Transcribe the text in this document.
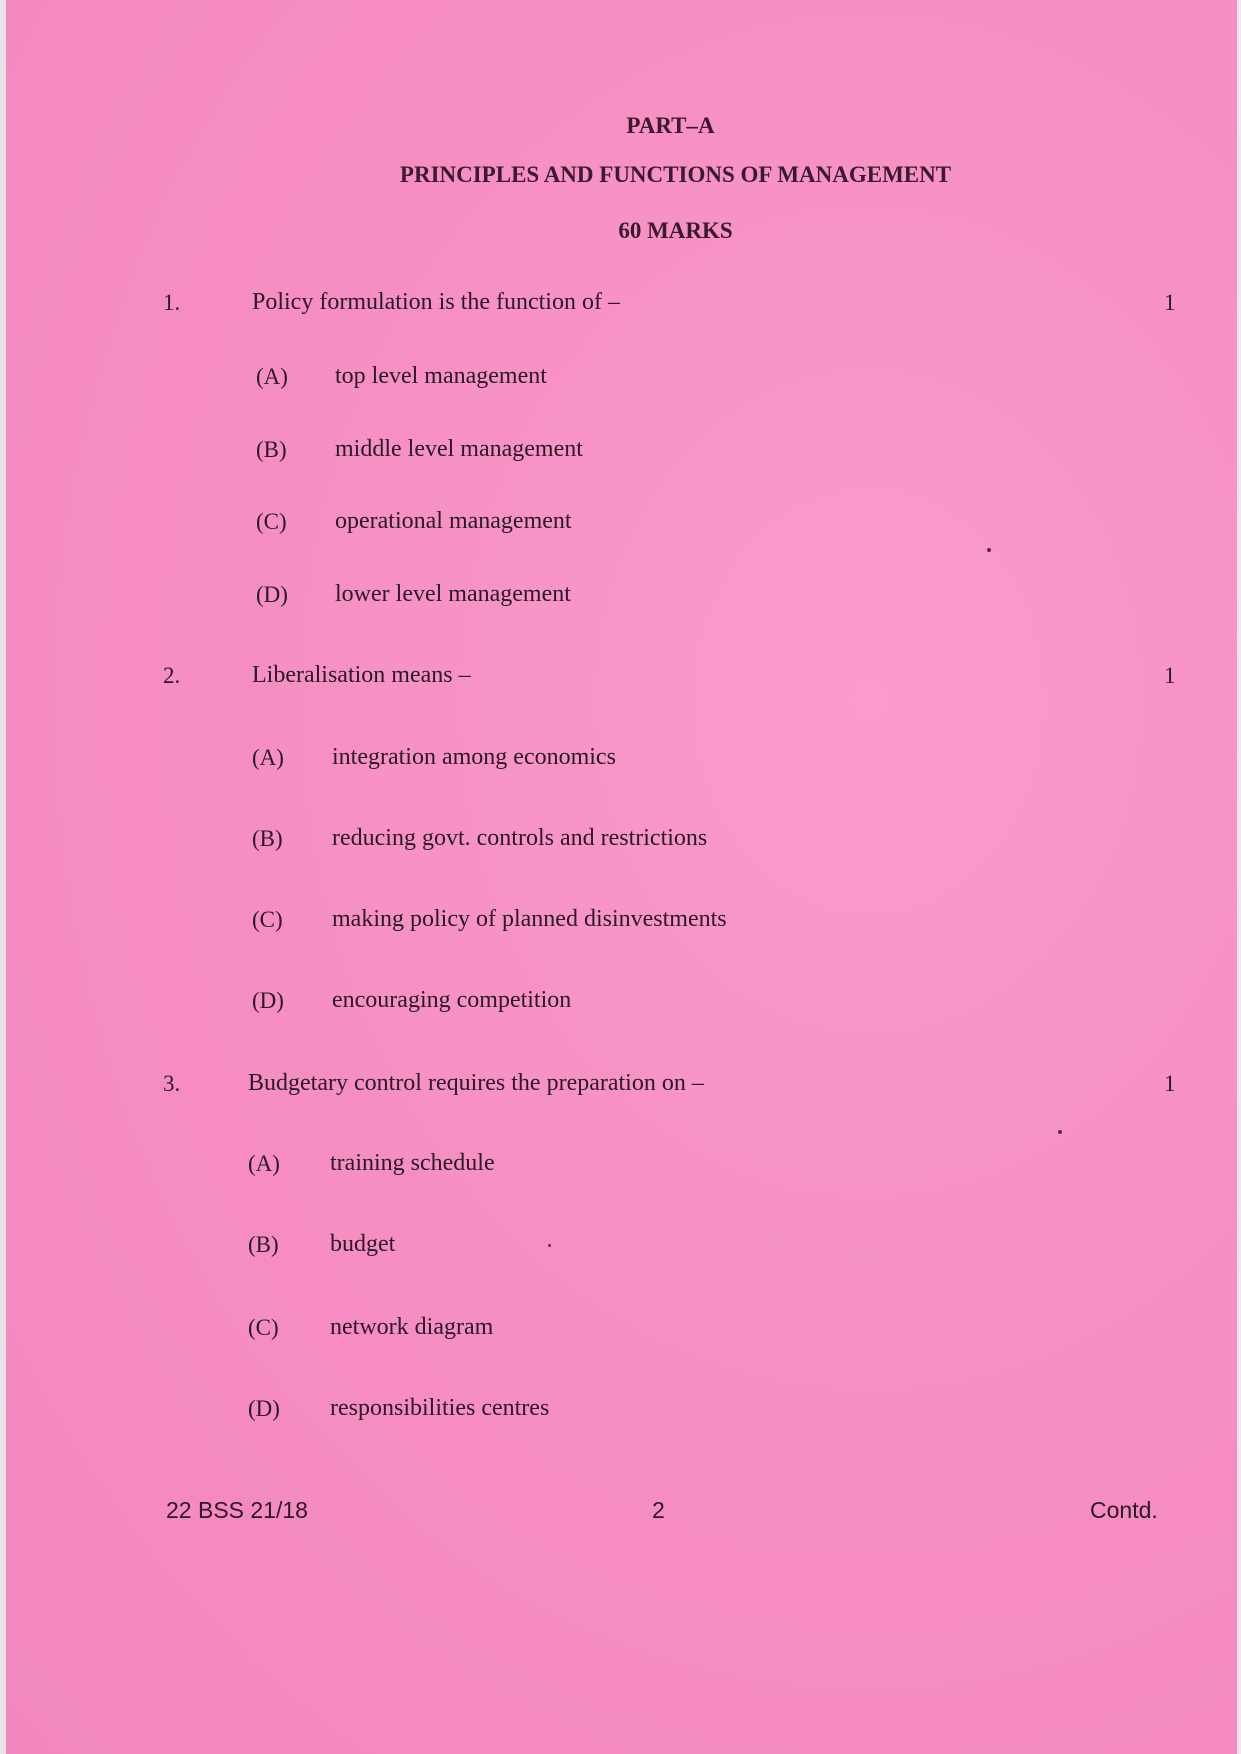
PART–A
PRINCIPLES AND FUNCTIONS OF MANAGEMENT
60 MARKS
1.	Policy formulation is the function of –	1
(A) top level management
(B) middle level management
(C) operational management
(D) lower level management
2.	Liberalisation means –	1
(A) integration among economics
(B) reducing govt. controls and restrictions
(C) making policy of planned disinvestments
(D) encouraging competition
3.	Budgetary control requires the preparation on –	1
(A) training schedule
(B) budget
(C) network diagram
(D) responsibilities centres
22 BSS 21/18	2	Contd.
